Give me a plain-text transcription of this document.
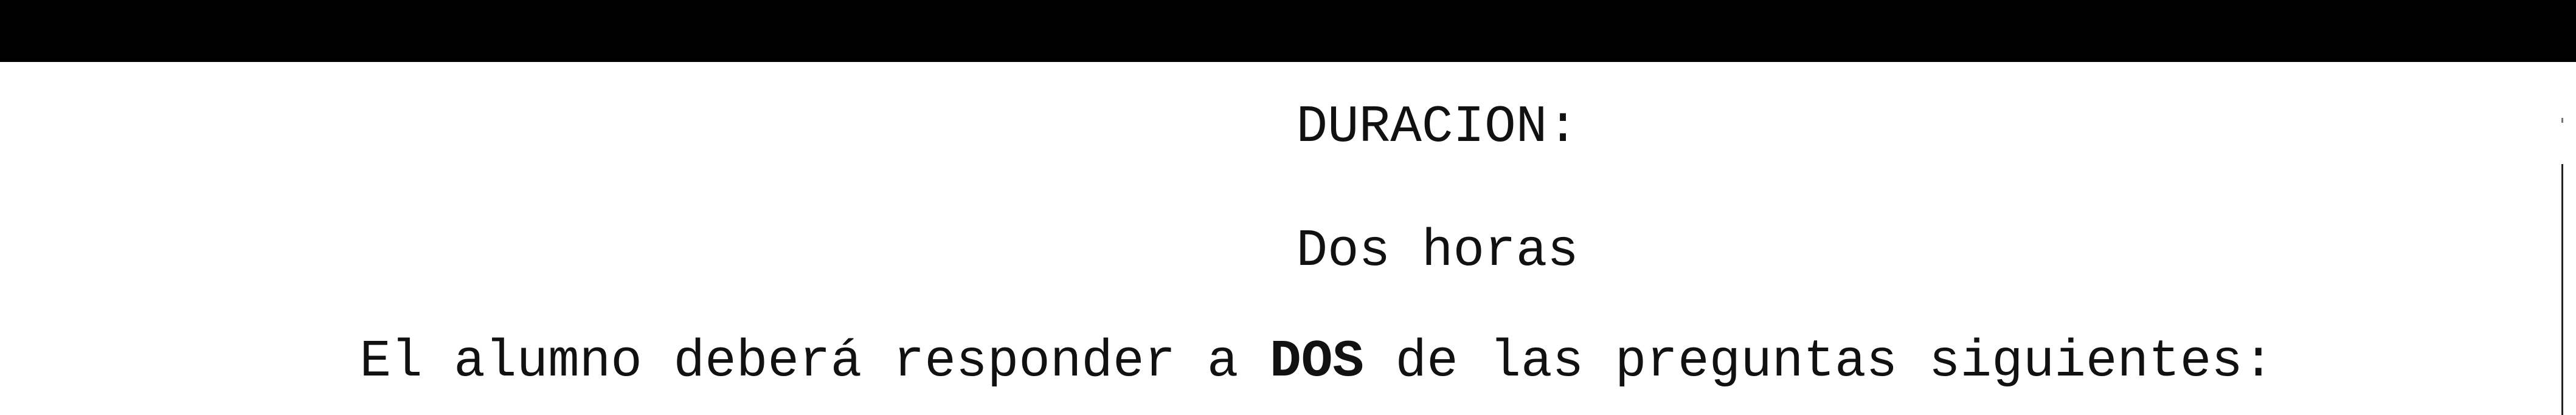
DURACION:

Dos horas

El alumno deberá responder a DOS de las preguntas siguientes:
